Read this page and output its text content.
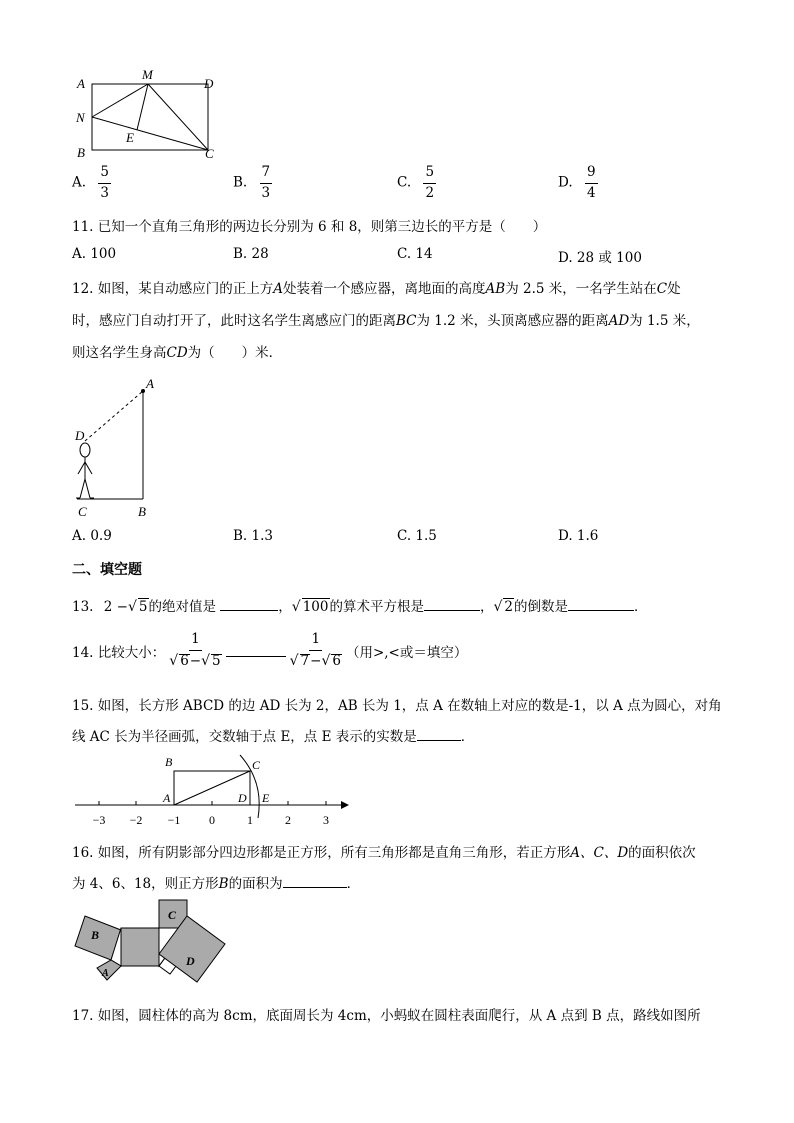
A
M
D
N
E
B	C
A. $\frac{5}{3}$	B. $\frac{7}{3}$	C. $\frac{5}{2}$	D. $\frac{9}{4}$
11. 已知一个直角三角形的两边长分别为 6 和 8，则第三边长的平方是（　　）
A. 100	B. 28	C. 14	D. 28 或 100
12. 如图，某自动感应门的正上方A处装着一个感应器，离地面的高度AB为 2.5 米，一名学生站在C处
时，感应门自动打开了，此时这名学生离感应门的距离BC为 1.2 米，头顶离感应器的距离AD为 1.5 米，
则这名学生身高CD为（　　）米．
A
D
C	B
A. 0.9	B. 1.3	C. 1.5	D. 1.6
二、填空题
13. 2 −√ 5的绝对值是	，√ 100的算术平方根是	，√ 2的倒数是	．
14. 比较大小： $\frac{1}{√ 6-√ 5}$	$\frac{1}{√ 7-√ 6}$ （用>,<或＝填空）
15. 如图，长方形 ABCD 的边 AD 长为 2，AB 长为 1，点 A 在数轴上对应的数是-1，以 A 点为圆心，对角
线 AC 长为半径画弧，交数轴于点 E，点 E 表示的实数是	．
B	C
A	D E
−3 −2 −1 0	1	2	3
16. 如图，所有阴影部分四边形都是正方形，所有三角形都是直角三角形，若正方形A、C、D的面积依次
为 4、6、18，则正方形B的面积为	．
C
B
D
A
17. 如图，圆柱体的高为 8cm，底面周长为 4cm，小蚂蚁在圆柱表面爬行，从 A 点到 B 点，路线如图所
